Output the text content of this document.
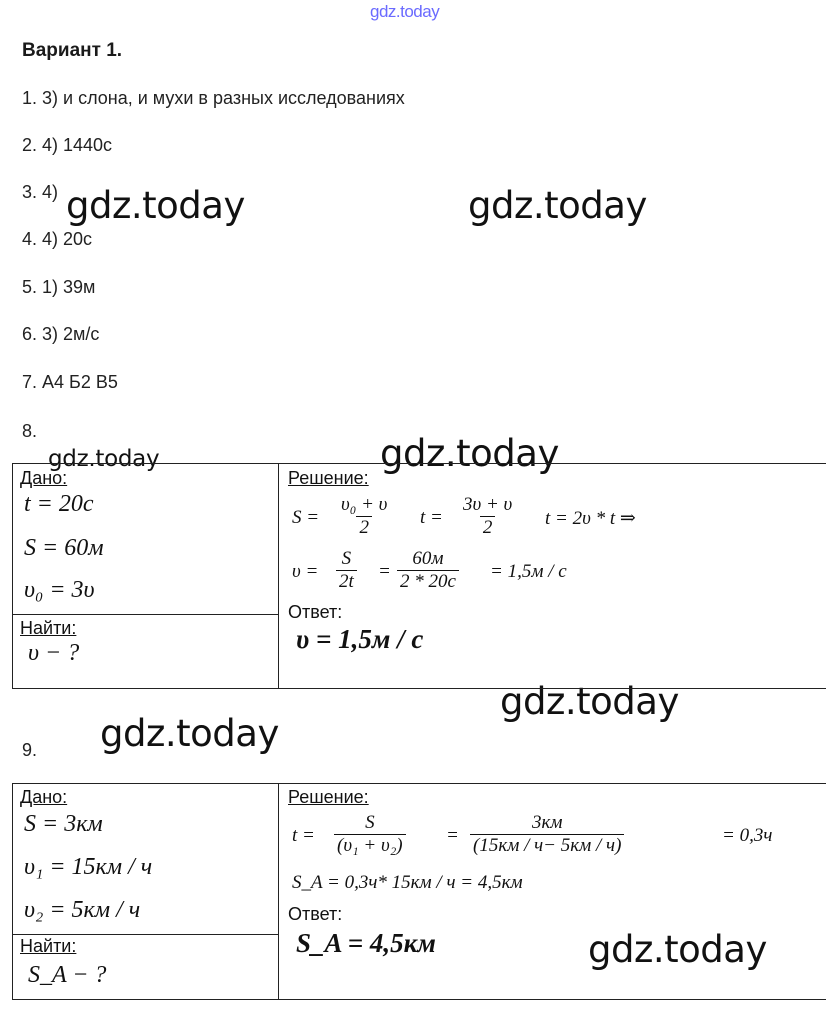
gdz.today
Вариант 1.
1. 3) и слона, и мухи в разных исследованиях
2. 4) 1440с
3. 4)
4. 4) 20с
5. 1) 39м
6. 3) 2м/с
7. А4 Б2 В5
gdz.today	gdz.today
gdz.today
gdz.today
gdz.today
gdz.today
gdz.today
8.
Дано:
t = 20c
S = 60м
υ₀ = 3υ
Найти:
υ − ?
Решение:
$S = \frac{\text{υ₀ + υ}}{2}$ $t = \frac{3\upsilon + \upsilon}{2}$ t = 2υ * t ⇒
$\upsilon = \frac{S}{2t}$ =
60м
2 * 20c = 1,5м / c
Ответ:
υ = 1,5м / c
9.
Дано:
S = 3км
υ₁ = 15км / ч
υ₂ = 5км / ч
Найти:
S_A − ?
Решение:
$t = \frac{S}{\text{(υ₁ + υ₂)}}$ =
3км
(15км / ч− 5км / ч)	= 0,3ч
S_A = 0,3ч* 15км / ч = 4,5км
Ответ:
S_A = 4,5км
